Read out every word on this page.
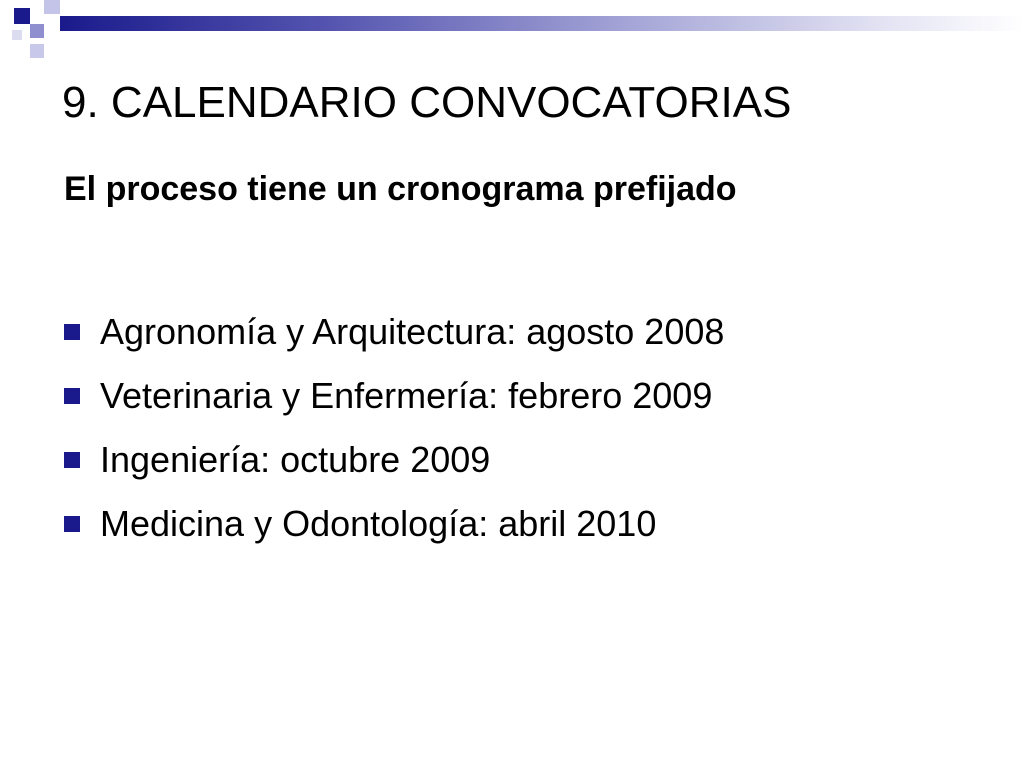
9. CALENDARIO CONVOCATORIAS
El proceso tiene un cronograma prefijado
Agronomía y Arquitectura: agosto 2008
Veterinaria y Enfermería: febrero 2009
Ingeniería: octubre 2009
Medicina y Odontología: abril 2010
